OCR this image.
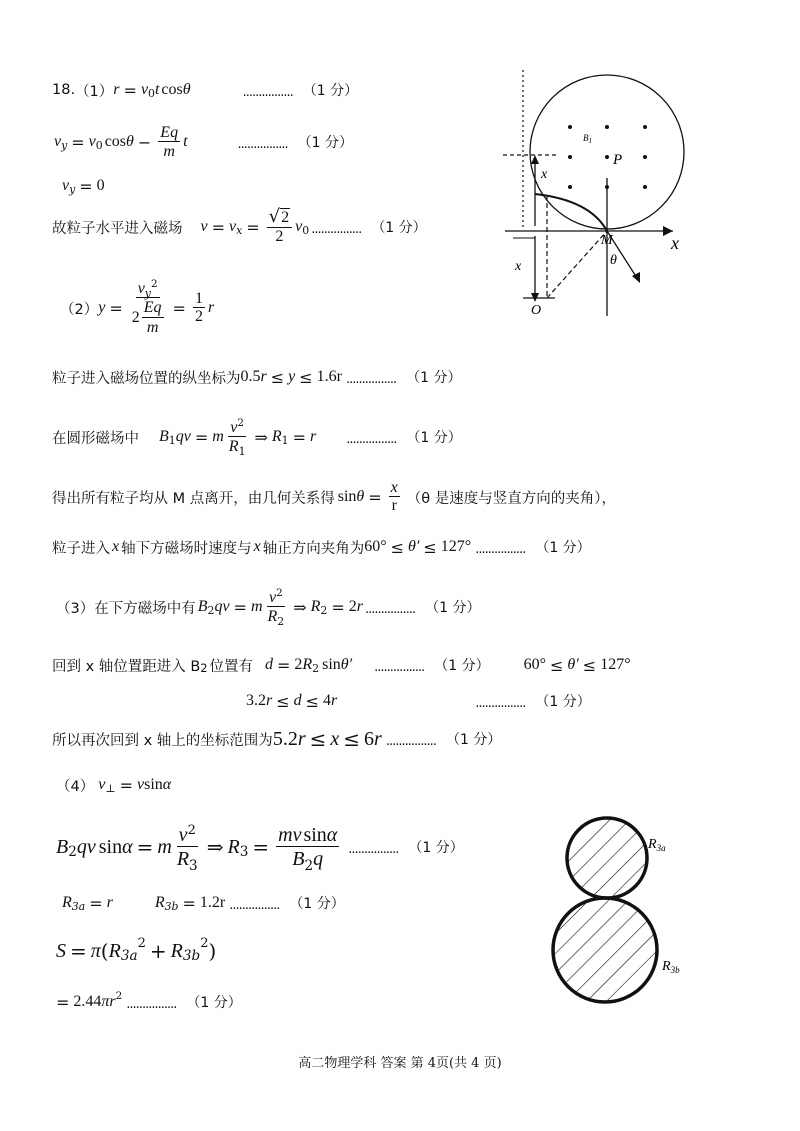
18. （1） r = v 0 t cos θ	................ （1 分）
v y = v 0 $\cos \theta - \frac{Eq}{m}$ t	................ （1 分）
v y = 0
故粒子水平进入磁场 v = v $x = \frac{√ 2}{2}$ v 0 ................ （1 分）
（2） $y = \frac{v_y^2}{2 \frac{Eq}{m}} = \frac{1}{2}$ r
粒子进入磁场位置的纵坐标为 0.5 r ≤ y ≤ 1.6 r ................ （1 分）
在圆形磁场中 B 1 q v = m $\frac{v^2}{R_1}$ ⇒ R 1 = r ................ （1 分）
得出所有粒子均从 M 点离开，由几何关系得 $\sin \theta = \frac{x}{r} (\theta$ 是速度与竖直方向的夹角），
粒子进入 x 轴下方磁场时速度与 x 轴正方向夹角为 60° ≤ θ′ ≤ 127° ................ （1 分）
（3） 在下方磁场中有 B 2 q v = m $\frac{v^2}{R_2}$ ⇒ R 2 = 2 r ................ （1 分）
回到 x 轴位置距进入 B 2 位置有 d = 2 R 2 sin θ′ ................ （1 分） 60° ≤ θ′ ≤ 127°
3.2 r ≤ d ≤ 4 r	................ （1 分）
所以再次回到 x 轴上的坐标范围为 5.2 r ≤ x ≤ 6 r ................ （1 分）
（4） v ⊥ = v sin α
B 2 q v sin α = m $\frac{v^2}{R_3}$ ⇒ R $3 = \frac{\text{mv sinα}}{B_2q}$ ................ （1 分）
R 3a = r	R 3b = 1.2r ................ （1 分）
S = π ( R 3a
2 + R 3b
2 )
= 2.44 π r 2
................ （1 分）
$B_1$
P
x
M
θ
x
x
O
$R_{3a}$
$R_{3b}$
高二物理学科 答案 第 4页(共 4 页)
